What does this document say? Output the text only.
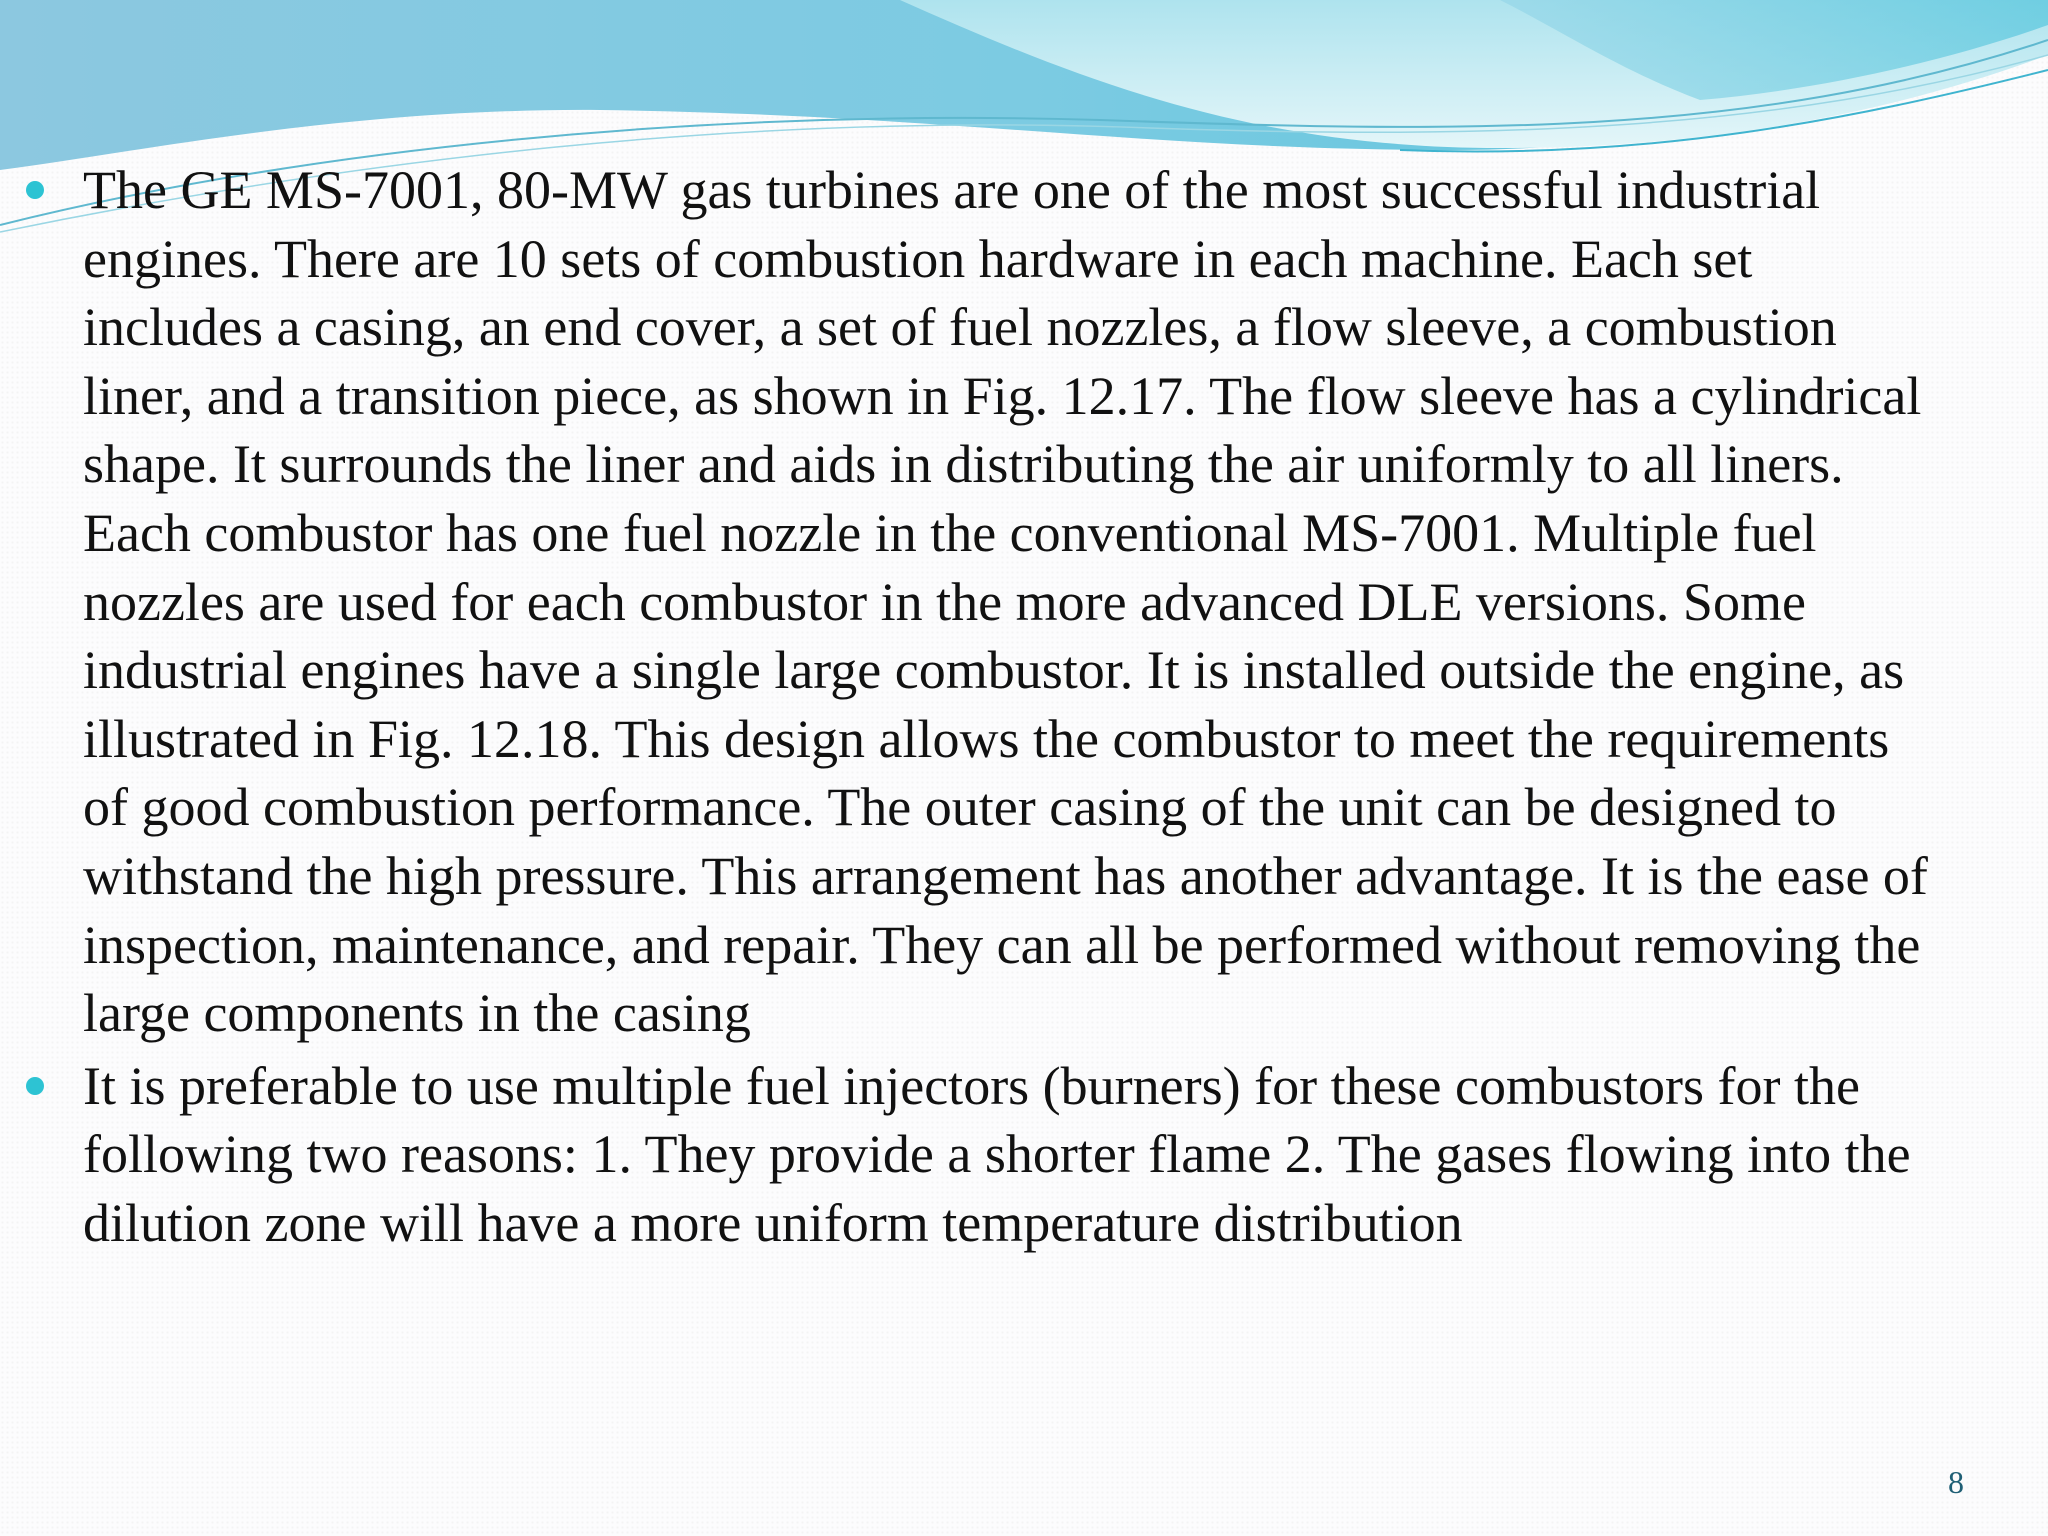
The GE MS-7001, 80-MW gas turbines are one of the most successful industrial engines. There are 10 sets of combustion hardware in each machine. Each set includes a casing, an end cover, a set of fuel nozzles, a flow sleeve, a combustion liner, and a transition piece, as shown in Fig. 12.17. The flow sleeve has a cylindrical shape. It surrounds the liner and aids in distributing the air uniformly to all liners. Each combustor has one fuel nozzle in the conventional MS-7001. Multiple fuel nozzles are used for each combustor in the more advanced DLE versions. Some industrial engines have a single large combustor. It is installed outside the engine, as illustrated in Fig. 12.18. This design allows the combustor to meet the requirements of good combustion performance. The outer casing of the unit can be designed to withstand the high pressure. This arrangement has another advantage. It is the ease of inspection, maintenance, and repair. They can all be performed without removing the large components in the casing
It is preferable to use multiple fuel injectors (burners) for these combustors for the following two reasons: 1. They provide a shorter flame 2. The gases flowing into the dilution zone will have a more uniform temperature distribution
8
